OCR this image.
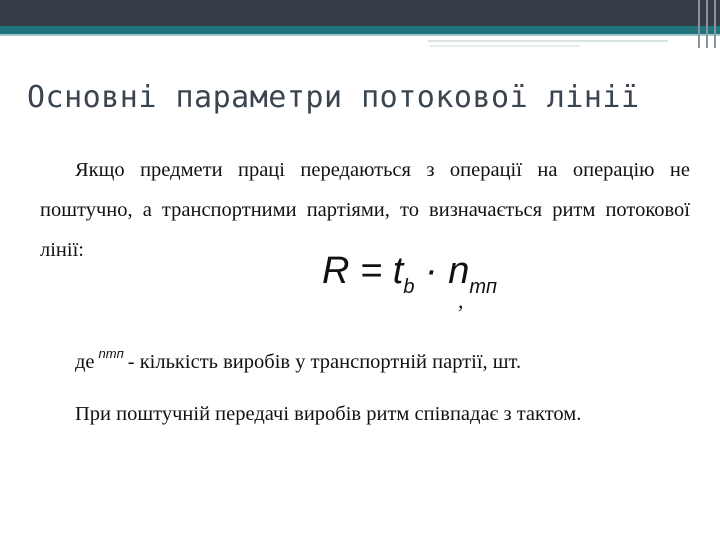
Основні параметри потокової лінії

Якщо предмети праці передаються з операції на операцію не поштучно, а транспортними партіями, то визначається ритм потокової лінії:	$R = t_b \cdot n_{тп}$
,

де $^{nтп}$ - кількість виробів у транспортній партії, шт.

При поштучній передачі виробів ритм співпадає з тактом.
